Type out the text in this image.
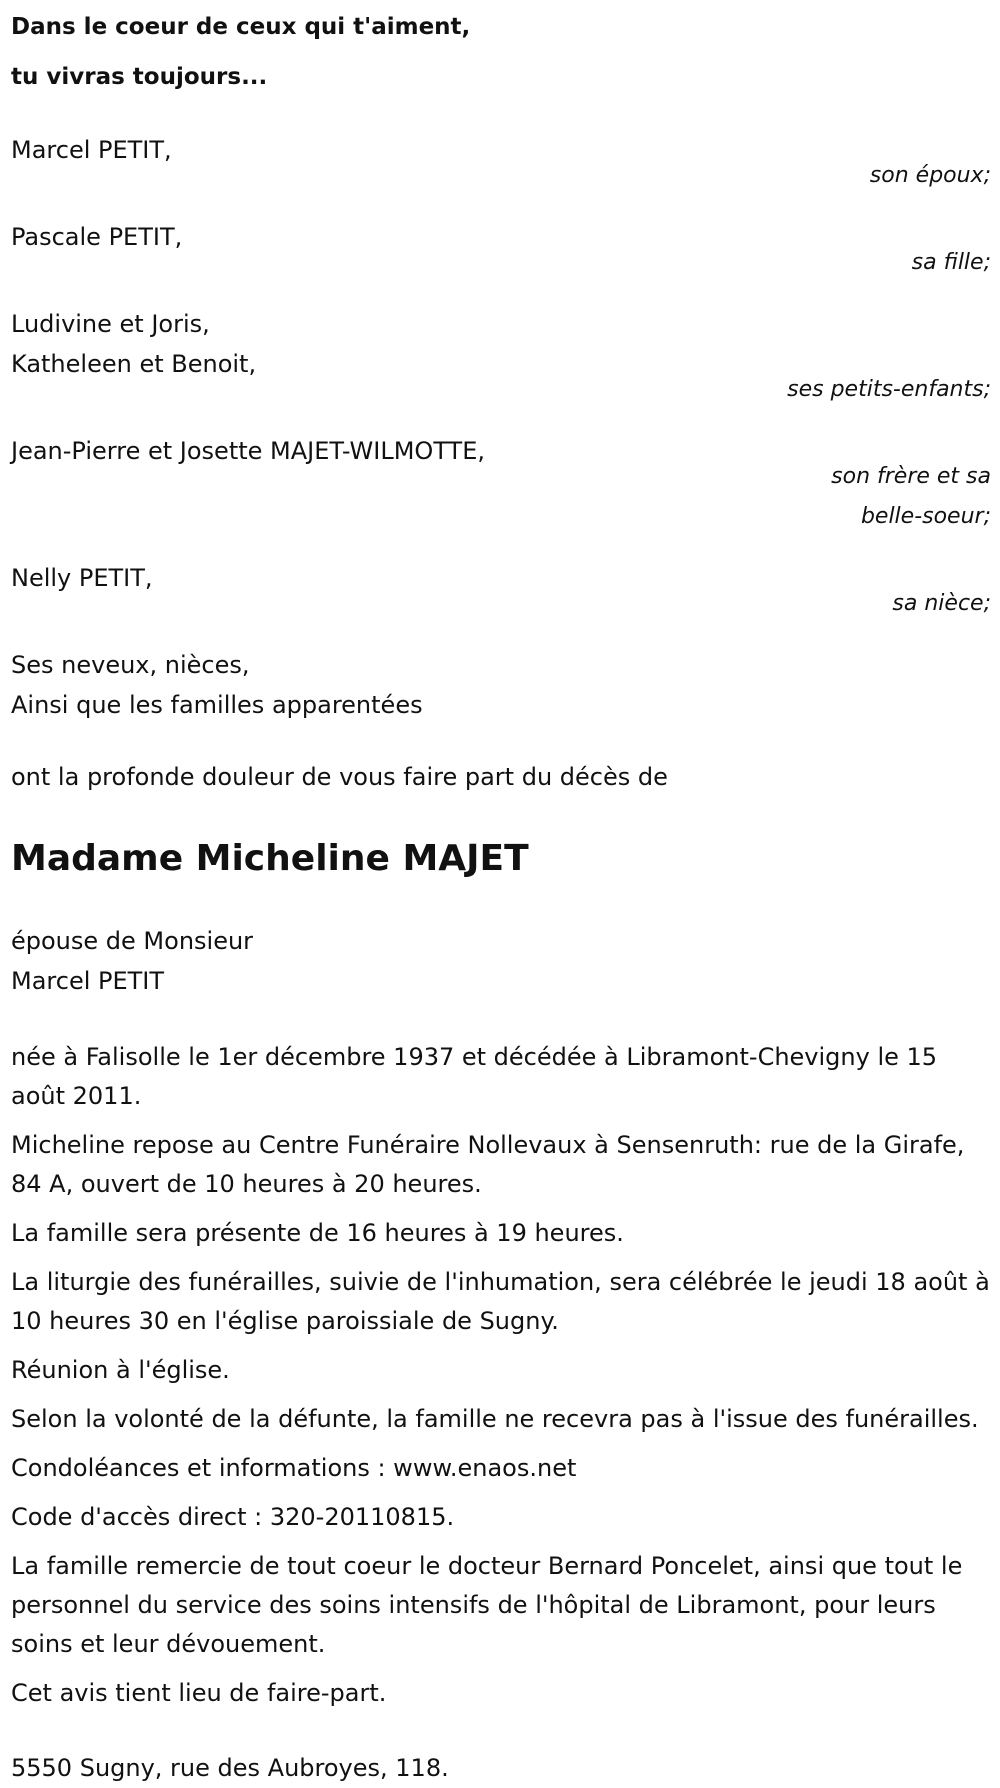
Dans le coeur de ceux qui t'aiment,
tu vivras toujours...
Marcel PETIT,
son époux;
Pascale PETIT,
sa fille;
Ludivine et Joris,
Katheleen et Benoit,
ses petits-enfants;
Jean-Pierre et Josette MAJET-WILMOTTE,
son frère et sa
belle-soeur;
Nelly PETIT,
sa nièce;
Ses neveux, nièces,
Ainsi que les familles apparentées
ont la profonde douleur de vous faire part du décès de
Madame Micheline MAJET
épouse de Monsieur
Marcel PETIT

née à Falisolle le 1er décembre 1937 et décédée à Libramont-Chevigny le 15 août 2011.

Micheline repose au Centre Funéraire Nollevaux à Sensenruth: rue de la Girafe, 84 A, ouvert de 10 heures à 20 heures.

La famille sera présente de 16 heures à 19 heures.

La liturgie des funérailles, suivie de l'inhumation, sera célébrée le jeudi 18 août à 10 heures 30 en l'église paroissiale de Sugny.

Réunion à l'église.

Selon la volonté de la défunte, la famille ne recevra pas à l'issue des funérailles.

Condoléances et informations : www.enaos.net

Code d'accès direct : 320-20110815.

La famille remercie de tout coeur le docteur Bernard Poncelet, ainsi que tout le personnel du service des soins intensifs de l'hôpital de Libramont, pour leurs soins et leur dévouement.

Cet avis tient lieu de faire-part.

5550 Sugny, rue des Aubroyes, 118.
